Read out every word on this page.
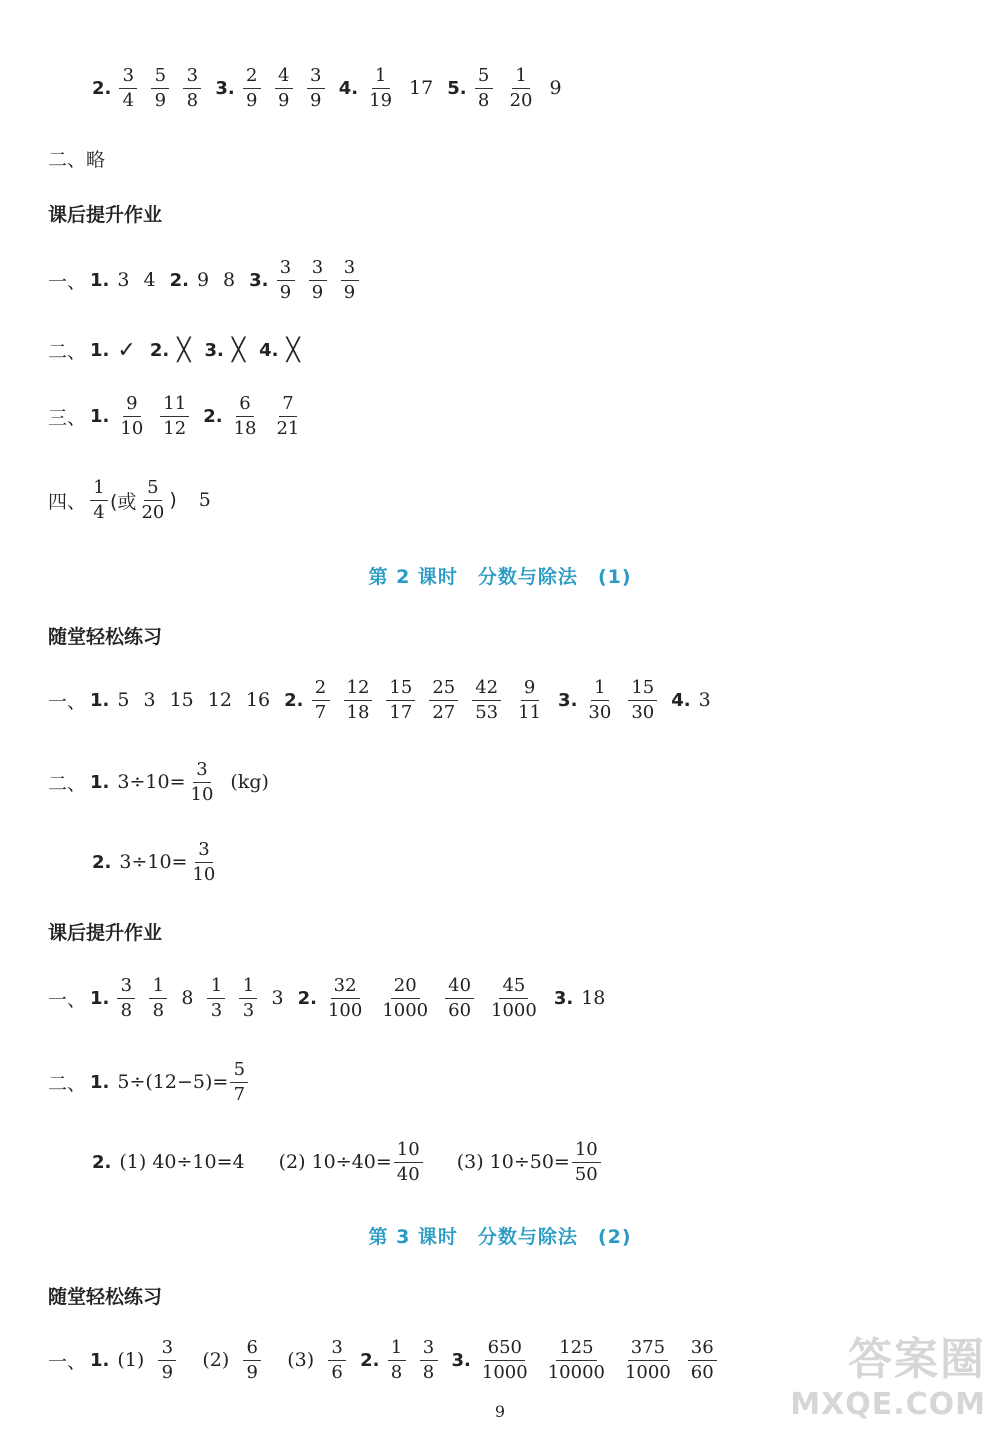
2. $\frac{3}{4} \frac{5}{9} \frac{3}{8} 3$. $\frac{2}{9} \frac{4}{9} \frac{3}{9} 4$. $\frac{1}{19} 17$ 5. $\frac{5}{8} \frac{1}{20} 9$
二、略
课后提升作业
一、 1. 3 4 2. 9 8 3. $\frac{3}{9} \frac{3}{9} \frac{3}{9}$
二、 1. ✓ 2. ╳ 3. ╳ 4. ╳
三、 1. $\frac{9}{10} \frac{11}{12} 2$. $\frac{6}{18} \frac{7}{21}$
四、 $\frac{1}{4}$ (或 $\frac{5}{20}$ ) 5
第 2 课时 分数与除法 (1)
随堂轻松练习
一、 1. 5 3 15 12 16 2. $\frac{2}{7} \frac{12}{18} \frac{15}{17} \frac{25}{27} \frac{42}{53} \frac{9}{11} 3$. $\frac{1}{30} \frac{15}{30} 4$. 3
二、 1. $3\div 10= \frac{3}{10} (kg)$
2. $3\div 10= \frac{3}{10}$
课后提升作业
一、 1. $\frac{3}{8} \frac{1}{8} 8 \frac{1}{3} \frac{1}{3} 3$ 2. $\frac{32}{100} \frac{20}{1000} \frac{40}{60} \frac{45}{1000} 3$. 18
二、 1. $5\div(12-5)= \frac{5}{7}$
2. (1) 40÷10=4 (2) $10\div 40= \frac{10}{40} (3)$ $10\div 50= \frac{10}{50}$
第 3 课时 分数与除法 (2)
随堂轻松练习
一、 1. $(1) \frac{3}{9} (2) \frac{6}{9} (3) \frac{3}{6} 2$. $\frac{1}{8} \frac{3}{8} 3$. $\frac{650}{1000} \frac{125}{10000} \frac{375}{1000} \frac{36}{60}$
9
答案圈
MXQE.COM
